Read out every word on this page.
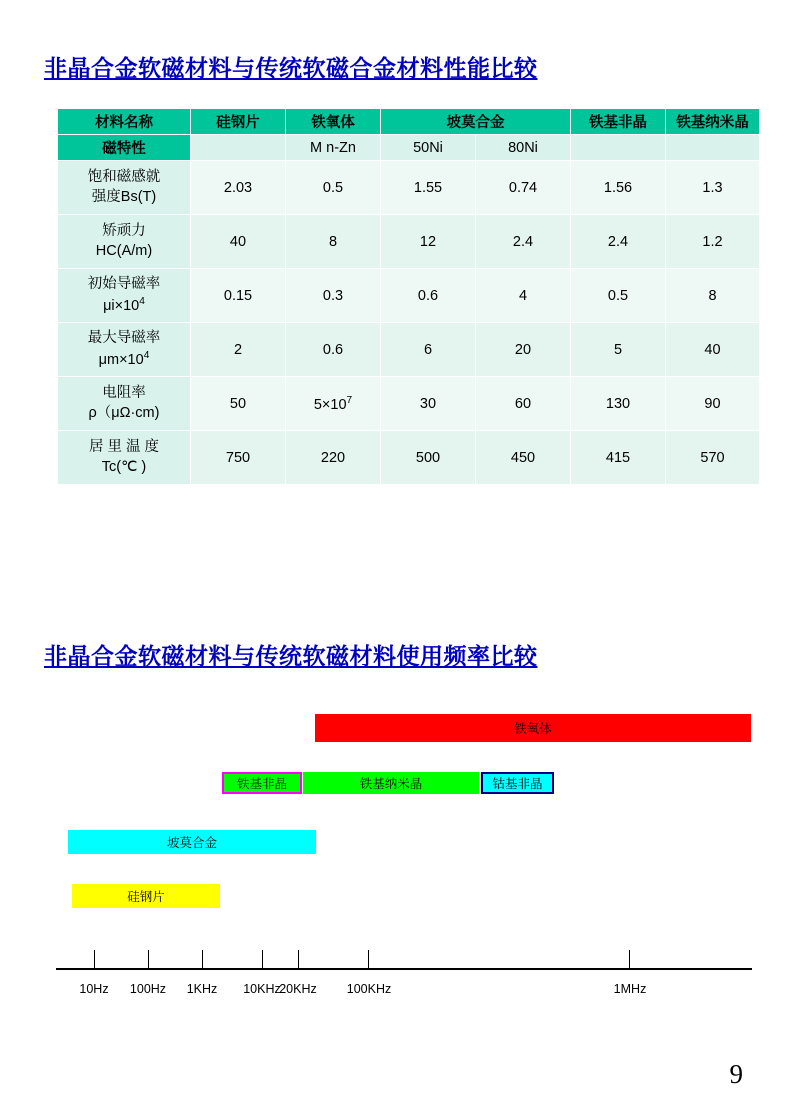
非晶合金软磁材料与传统软磁合金材料性能比较
材料名称	硅钢片	铁氧体	坡莫合金		铁基非晶	铁基纳米晶
磁特性		M n-Zn	50Ni	80Ni		
饱和磁感就
强度Bs(T)	2.03	0.5	1.55	0.74	1.56	1.3
矫顽力
HC(A/m)	40	8	12	2.4	2.4	1.2
初始导磁率
$\mu i\times 10^4$	0.15	0.3	0.6	4	0.5	8
最大导磁率
$\mu m\times 10^4$	2	0.6	6	20	5	40
电阻率
ρ（μΩ·cm)	50	$5\times 10^7$	30	60	130	90
居 里 温 度
Tc(℃ )	750	220	500	450	415	570
非晶合金软磁材料与传统软磁材料使用频率比较
铁氧体
铁基非晶	铁基纳米晶	钴基非晶
坡莫合金
硅钢片
10Hz	100Hz	1KHz	10KHz
20KHz	100KHz	1MHz
9
